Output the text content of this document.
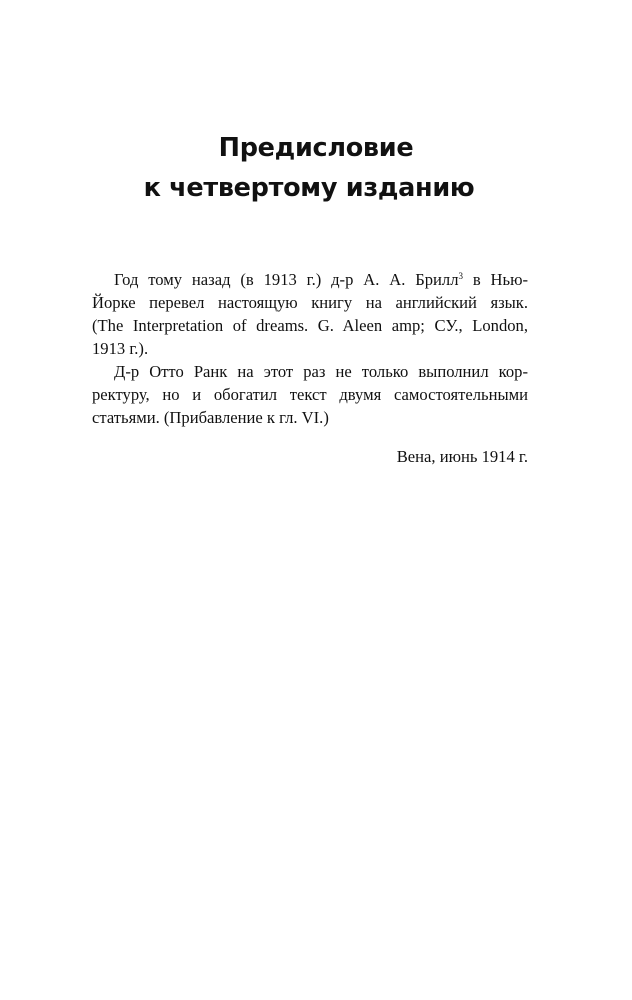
Предисловие
к четвертому изданию

Год тому назад (в 1913 г.) д-р А. А. Брилл$^3$ в Нью-
Йорке перевел настоящую книгу на английский язык.
(The Interpretation of dreams. G. Aleen amp; СУ., London,
1913 г.).

Д-р Отто Ранк на этот раз не только выполнил кор-
ректуру, но и обогатил текст двумя самостоятельными
статьями. (Прибавление к гл. VI.)

Вена, июнь 1914 г.
